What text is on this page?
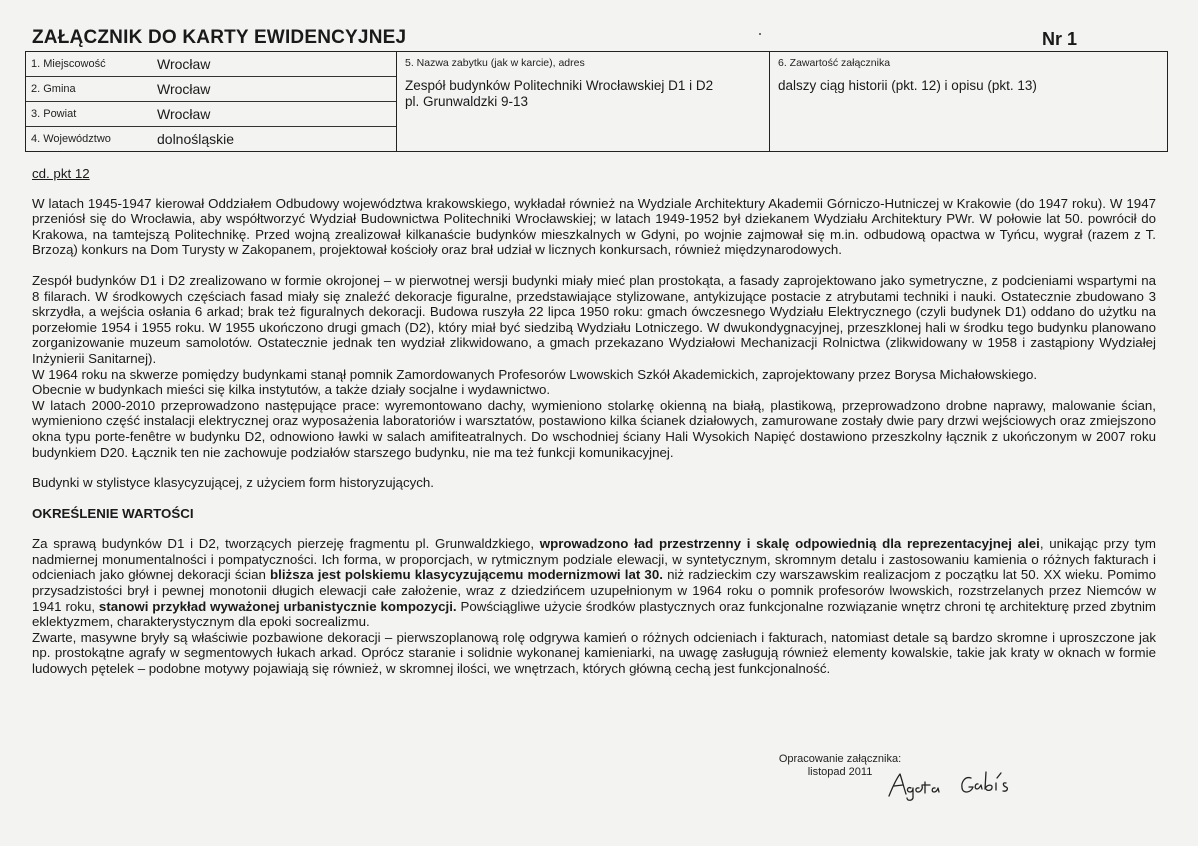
ZAŁĄCZNIK DO KARTY EWIDENCYJNEJ	Nr 1
1. Miejscowość	Wrocław
2. Gmina	Wrocław
3. Powiat	Wrocław
4. Województwo	dolnośląskie
5. Nazwa zabytku (jak w karcie), adres
Zespół budynków Politechniki Wrocławskiej D1 i D2
pl. Grunwaldzki 9-13
6. Zawartość załącznika
dalszy ciąg historii (pkt. 12) i opisu (pkt. 13)

cd. pkt 12

W latach 1945-1947 kierował Oddziałem Odbudowy województwa krakowskiego, wykładał również na Wydziale Architektury Akademii Górniczo-Hutniczej w Krakowie (do 1947 roku). W 1947 przeniósł się do Wrocławia, aby współtworzyć Wydział Budownictwa Politechniki Wrocławskiej; w latach 1949-1952 był dziekanem Wydziału Architektury PWr. W połowie lat 50. powrócił do Krakowa, na tamtejszą Politechnikę. Przed wojną zrealizował kilkanaście budynków mieszkalnych w Gdyni, po wojnie zajmował się m.in. odbudową opactwa w Tyńcu, wygrał (razem z T. Brzozą) konkurs na Dom Turysty w Zakopanem, projektował kościoły oraz brał udział w licznych konkursach, również międzynarodowych.

Zespół budynków D1 i D2 zrealizowano w formie okrojonej – w pierwotnej wersji budynki miały mieć plan prostokąta, a fasady zaprojektowano jako symetryczne, z podcieniami wspartymi na 8 filarach. W środkowych częściach fasad miały się znaleźć dekoracje figuralne, przedstawiające stylizowane, antykizujące postacie z atrybutami techniki i nauki. Ostatecznie zbudowano 3 skrzydła, a wejścia osłania 6 arkad; brak też figuralnych dekoracji. Budowa ruszyła 22 lipca 1950 roku: gmach ówczesnego Wydziału Elektrycznego (czyli budynek D1) oddano do użytku na porzełomie 1954 i 1955 roku. W 1955 ukończono drugi gmach (D2), który miał być siedzibą Wydziału Lotniczego. W dwukondygnacyjnej, przeszklonej hali w środku tego budynku planowano zorganizowanie muzeum samolotów. Ostatecznie jednak ten wydział zlikwidowano, a gmach przekazano Wydziałowi Mechanizacji Rolnictwa (zlikwidowany w 1958 i zastąpiony Wydziałej Inżynierii Sanitarnej).

W 1964 roku na skwerze pomiędzy budynkami stanął pomnik Zamordowanych Profesorów Lwowskich Szkół Akademickich, zaprojektowany przez Borysa Michałowskiego.

Obecnie w budynkach mieści się kilka instytutów, a także działy socjalne i wydawnictwo.

W latach 2000-2010 przeprowadzono następujące prace: wyremontowano dachy, wymieniono stolarkę okienną na białą, plastikową, przeprowadzono drobne naprawy, malowanie ścian, wymieniono część instalacji elektrycznej oraz wyposażenia laboratoriów i warsztatów, postawiono kilka ścianek działowych, zamurowane zostały dwie pary drzwi wejściowych oraz zmiejszono okna typu porte-fenêtre w budynku D2, odnowiono ławki w salach amifiteatralnych. Do wschodniej ściany Hali Wysokich Napięć dostawiono przeszkolny łącznik z ukończonym w 2007 roku budynkiem D20. Łącznik ten nie zachowuje podziałów starszego budynku, nie ma też funkcji komunikacyjnej.

Budynki w stylistyce klasycyzującej, z użyciem form historyzujących.

OKREŚLENIE WARTOŚCI

Za sprawą budynków D1 i D2, tworzących pierzeję fragmentu pl. Grunwaldzkiego, wprowadzono ład przestrzenny i skalę odpowiednią dla reprezentacyjnej alei, unikając przy tym nadmiernej monumentalności i pompatyczności. Ich forma, w proporcjach, w rytmicznym podziale elewacji, w syntetycznym, skromnym detalu i zastosowaniu kamienia o różnych fakturach i odcieniach jako głównej dekoracji ścian bliższa jest polskiemu klasycyzującemu modernizmowi lat 30. niż radzieckim czy warszawskim realizacjom z początku lat 50. XX wieku. Pomimo przysadzistości brył i pewnej monotonii długich elewacji całe założenie, wraz z dziedzińcem uzupełnionym w 1964 roku o pomnik profesorów lwowskich, rozstrzelanych przez Niemców w 1941 roku, stanowi przykład wyważonej urbanistycznie kompozycji. Powściągliwe użycie środków plastycznych oraz funkcjonalne rozwiązanie wnętrz chroni tę architekturę przed zbytnim eklektyzmem, charakterystycznym dla epoki socrealizmu.

Zwarte, masywne bryły są właściwie pozbawione dekoracji – pierwszoplanową rolę odgrywa kamień o różnych odcieniach i fakturach, natomiast detale są bardzo skromne i uproszczone jak np. prostokątne agrafy w segmentowych łukach arkad. Oprócz staranie i solidnie wykonanej kamieniarki, na uwagę zasługują również elementy kowalskie, takie jak kraty w oknach w formie ludowych pętelek – podobne motywy pojawiają się również, w skromnej ilości, we wnętrzach, których główną cechą jest funkcjonalność.

Opracowanie załącznika:
listopad 2011
